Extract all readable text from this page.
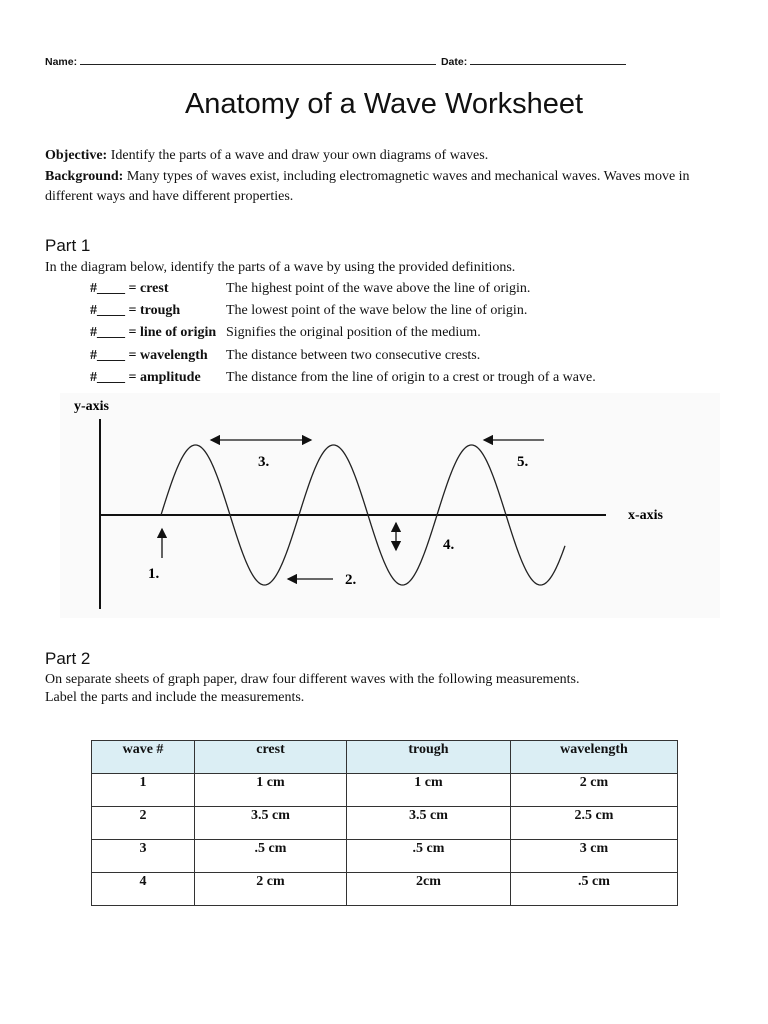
Name:	Date:
Anatomy of a Wave Worksheet

Objective: Identify the parts of a wave and draw your own diagrams of waves.

Background: Many types of waves exist, including electromagnetic waves and mechanical waves. Waves move in different ways and have different properties.

Part 1

In the diagram below, identify the parts of a wave by using the provided definitions.

#____ = crest	The highest point of the wave above the line of origin.
#____ = trough	The lowest point of the wave below the line of origin.
#____ = line of origin Signifies the original position of the medium.
#____ = wavelength The distance between two consecutive crests.
#____ = amplitude The distance from the line of origin to a crest or trough of a wave.
y-axis
x-axis
1.	2.
3.
4.
5.
Part 2

On separate sheets of graph paper, draw four different waves with the following measurements.

Label the parts and include the measurements.

wave #	crest	trough	wavelength
1	1 cm	1 cm	2 cm
2	3.5 cm	3.5 cm	2.5 cm
3	.5 cm	.5 cm	3 cm
4	2 cm	2cm	.5 cm
